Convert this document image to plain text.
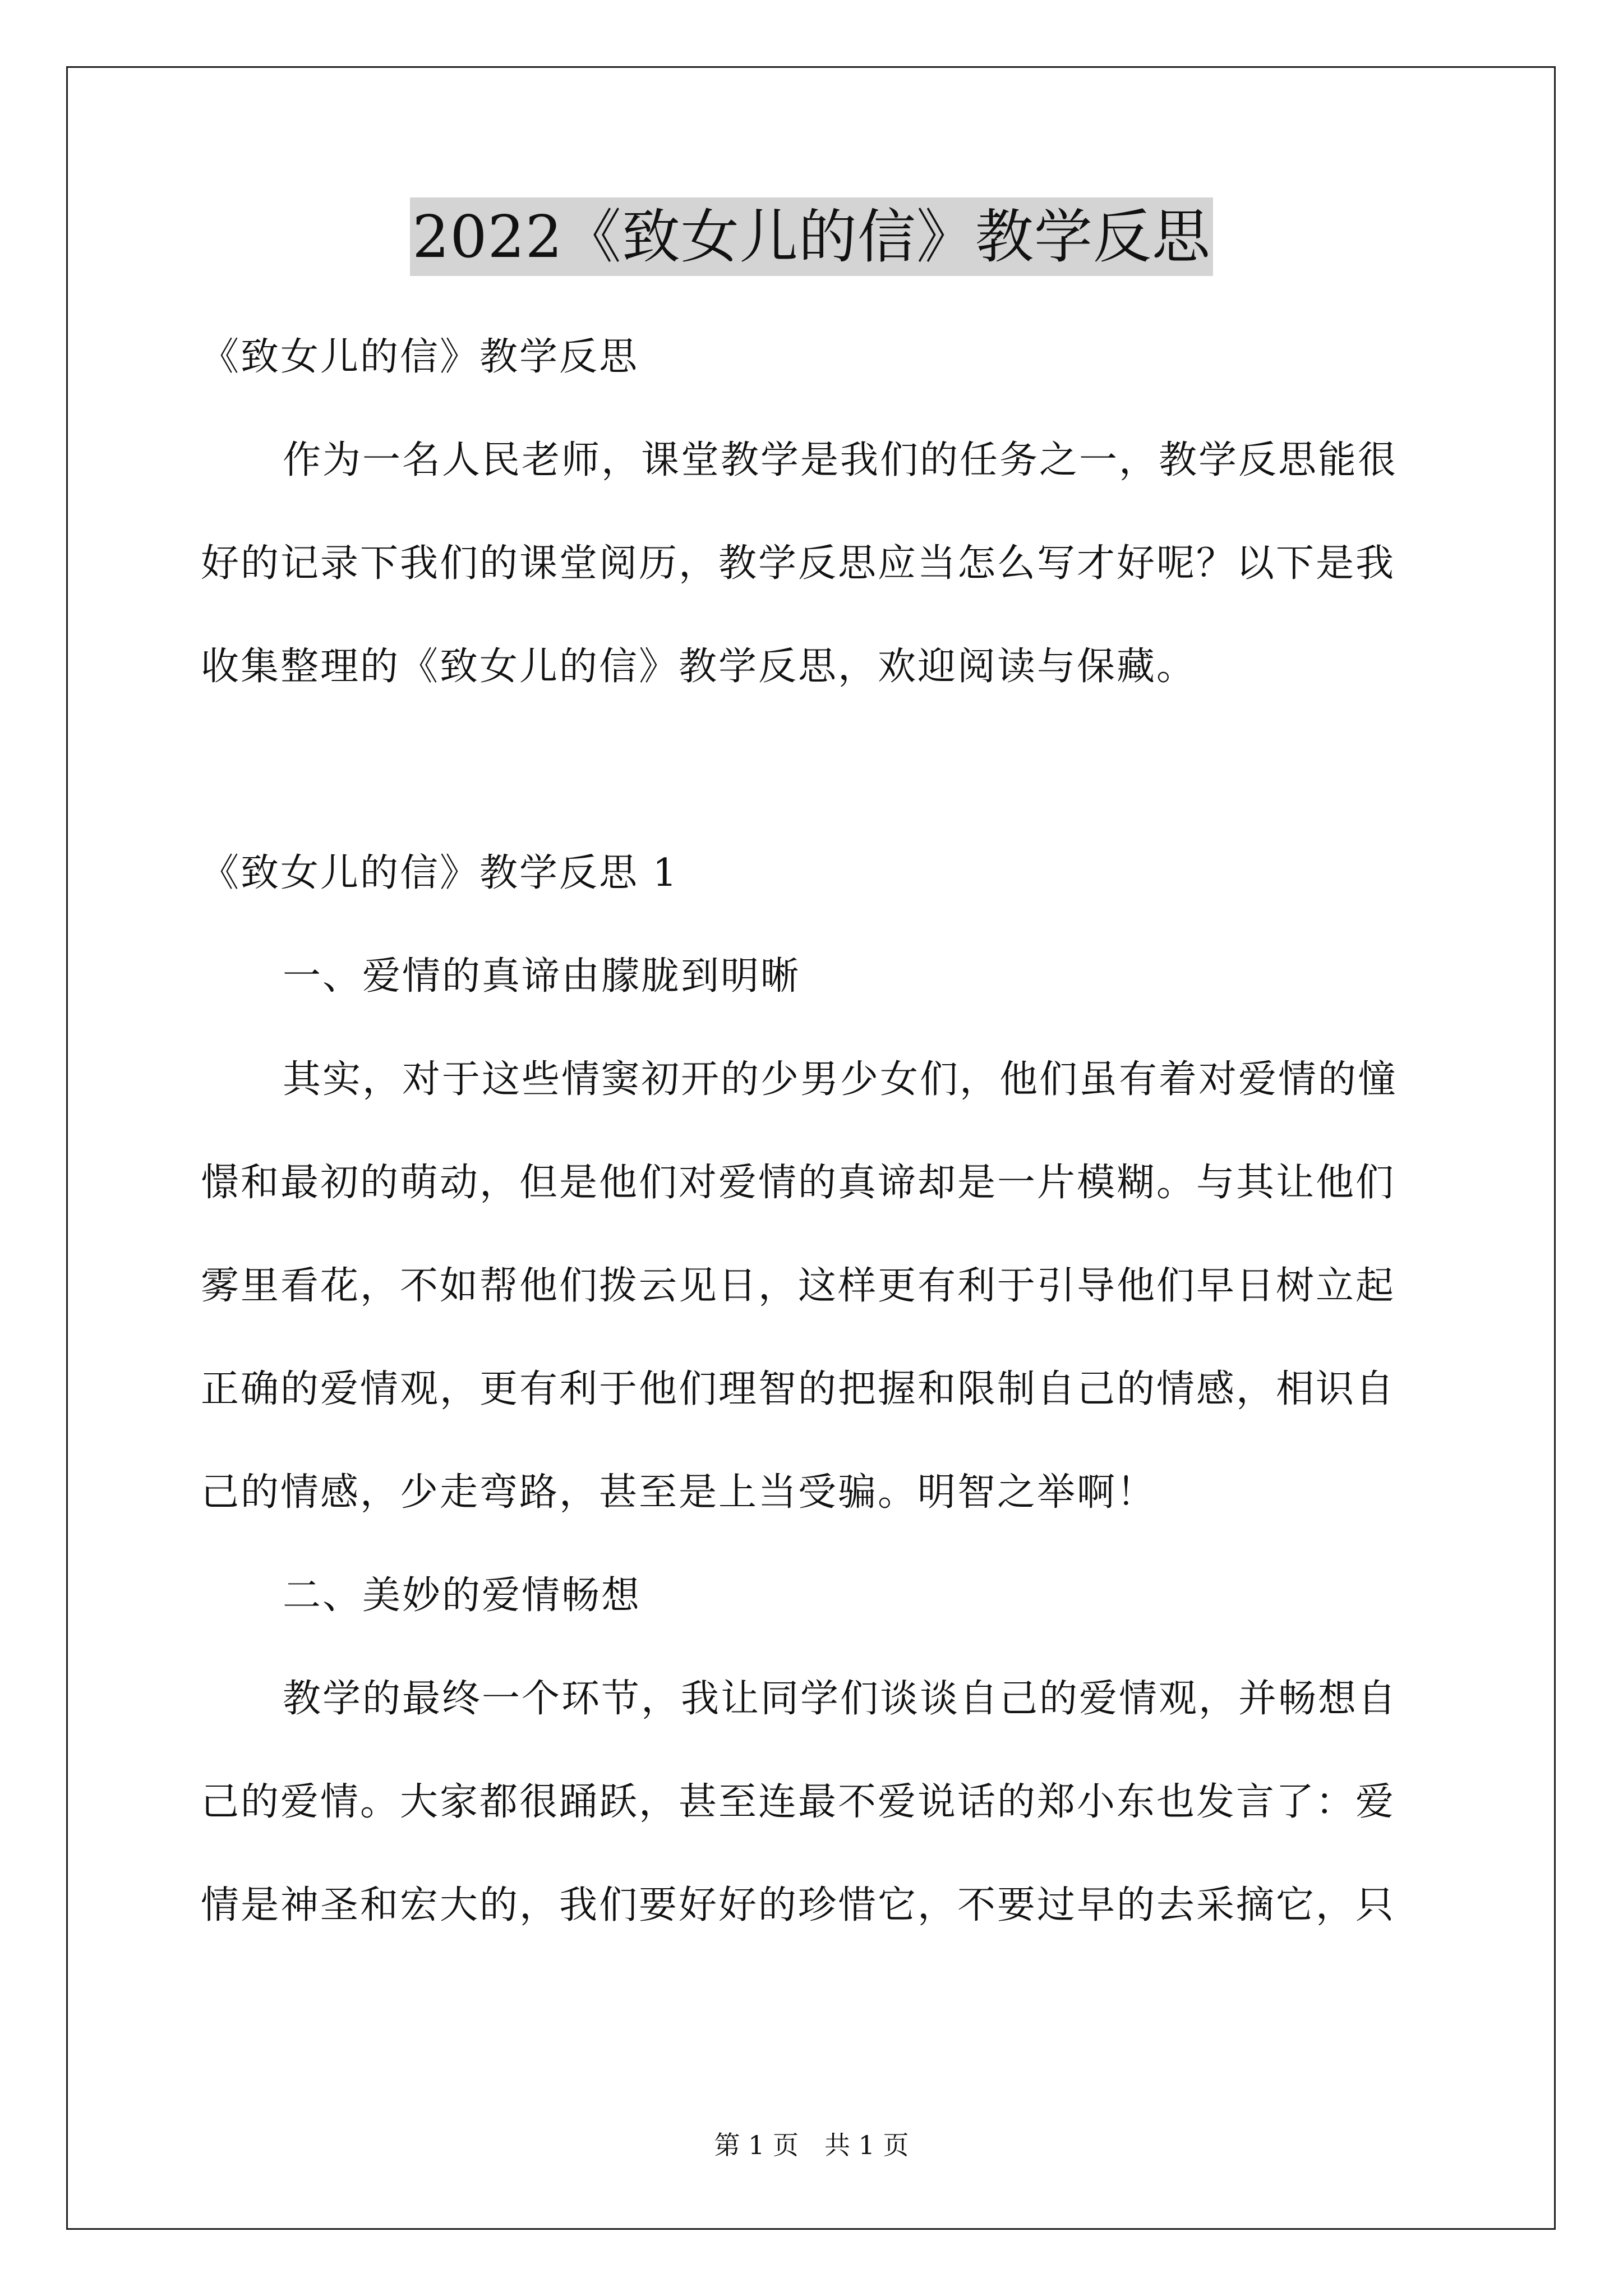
2022《致女儿的信》教学反思
《致女儿的信》教学反思
作为一名人民老师，课堂教学是我们的任务之一，教学反思能很
好的记录下我们的课堂阅历，教学反思应当怎么写才好呢？以下是我
收集整理的《致女儿的信》教学反思，欢迎阅读与保藏。
《致女儿的信》教学反思 1
一、爱情的真谛由朦胧到明晰
其实，对于这些情窦初开的少男少女们，他们虽有着对爱情的憧
憬和最初的萌动，但是他们对爱情的真谛却是一片模糊。与其让他们
雾里看花，不如帮他们拨云见日，这样更有利于引导他们早日树立起
正确的爱情观，更有利于他们理智的把握和限制自己的情感，相识自
己的情感，少走弯路，甚至是上当受骗。明智之举啊！
二、美妙的爱情畅想
教学的最终一个环节，我让同学们谈谈自己的爱情观，并畅想自
己的爱情。大家都很踊跃，甚至连最不爱说话的郑小东也发言了：爱
情是神圣和宏大的，我们要好好的珍惜它，不要过早的去采摘它，只
第 1 页　共 1 页
